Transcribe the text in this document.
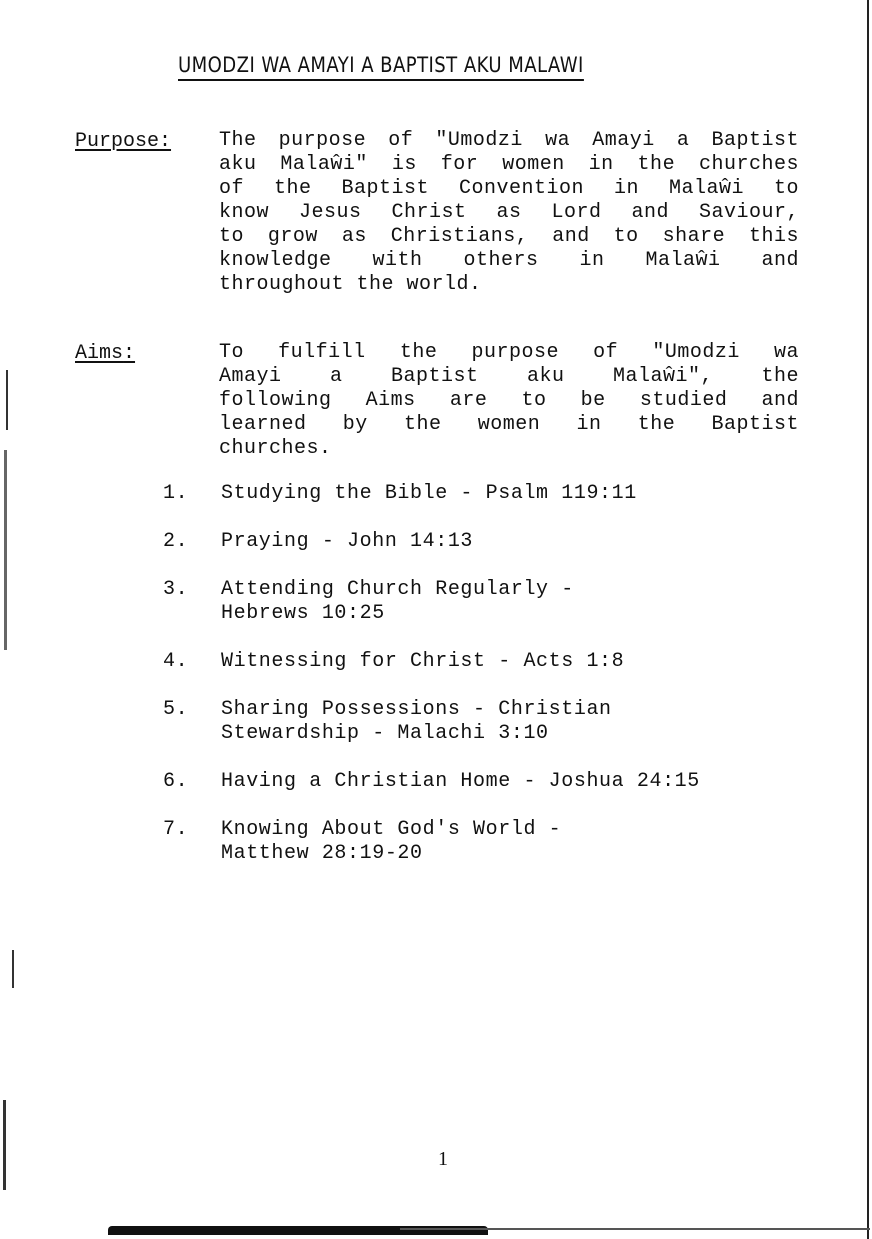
UMODZI WA AMAYI A BAPTIST AKU MALAWI
Purpose: The purpose of "Umodzi wa Amayi a Baptist
aku Malaŵi" is for women in the churches
of the Baptist Convention in Malaŵi to
know Jesus Christ as Lord and Saviour,
to grow as Christians, and to share this
knowledge with others in Malaŵi and
throughout the world.
Aims:	To fulfill the purpose of "Umodzi wa
Amayi a Baptist aku Malaŵi", the
following Aims are to be studied and
learned by the women in the Baptist
churches.
1. Studying the Bible - Psalm 119:11
2. Praying - John 14:13
3. Attending Church Regularly -
Hebrews 10:25
4. Witnessing for Christ - Acts 1:8
5. Sharing Possessions - Christian
Stewardship - Malachi 3:10
6. Having a Christian Home - Joshua 24:15
7. Knowing About God's World -
Matthew 28:19-20
1
